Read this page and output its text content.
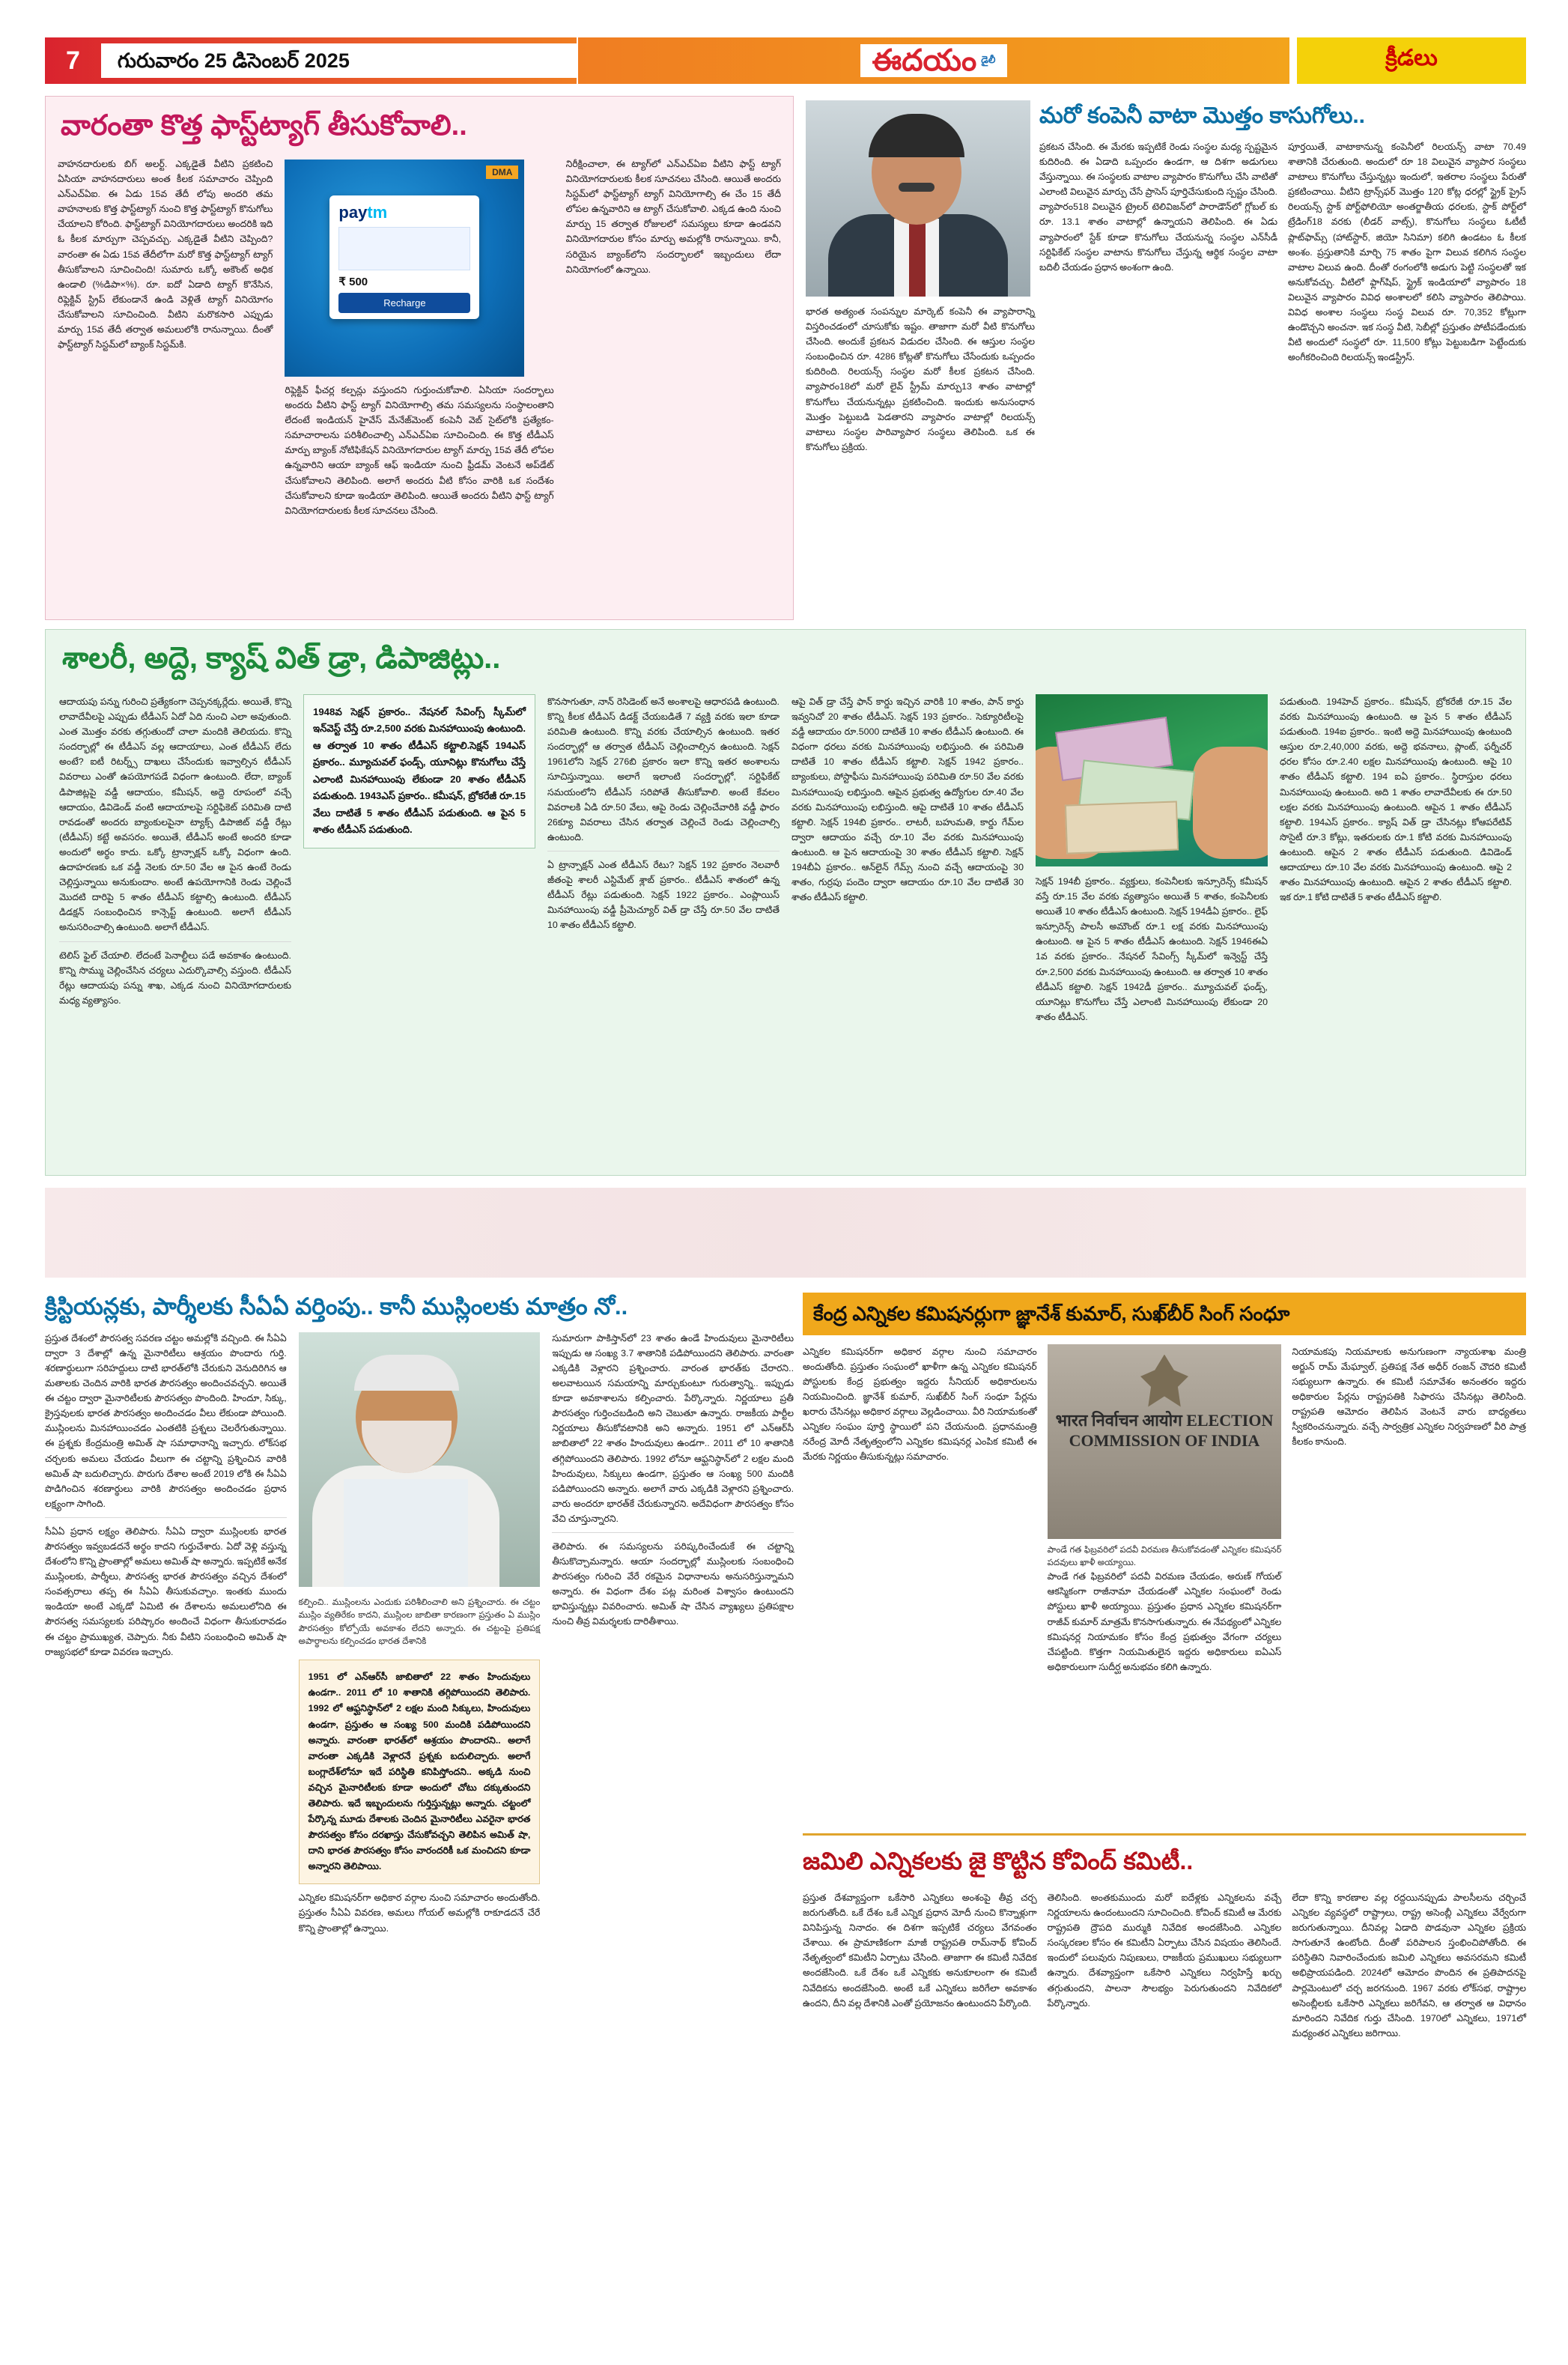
7	గురువారం 25 డిసెంబర్ 2025	ఈదయం డైలీ	క్రీడలు
వారంతా కొత్త ఫాస్ట్‌ట్యాగ్ తీసుకోవాలి..
వాహనదారులకు బిగ్ అలర్ట్. ఎక్కడైతే వీటిని ప్రకటించి ఏసియా వాహనదారులు అంత కీలక సమాచారం చెప్పింది ఎన్‌ఎచ్‌ఏఐ. ఈ ఏడు 15వ తేదీ లోపు అందరి తమ వాహనాలకు కొత్త ఫాస్ట్‌ట్యాగ్ నుంచి కొత్త ఫాస్ట్‌ట్యాగ్ కొనుగోలు చేయాలని కోరింది. ఫాస్ట్‌ట్యాగ్ వినియోగదారులు అందరికి ఇది ఓ కీలక మార్పుగా చెప్పవచ్చు. ఎక్కడైతే వీటిని చెప్పింది? వారంతా ఈ ఏడు 15వ తేదీలోగా మరో కొత్త ఫాస్ట్‌ట్యాగ్ ట్యాగ్ తీసుకోవాలని సూచించింది! సుమారు ఒక్కో అకౌంట్ అధిక ఉండాలి (%డిపా×%). రూ. ఐదో ఏడాది ట్యాగ్ కొనేసిన, రిఫ్లెక్టివ్ స్ట్రిప్ లేకుండానే ఉండి వెళ్లితే ట్యాగ్ వినియోగం చేసుకోవాలని సూచించింది. వీటిని మరొకసారి ఎప్పుడు మార్పు 15వ తేదీ తర్వాత అమలులోకి రానున్నాయి. దీంతో ఫాస్ట్‌ట్యాగ్ సిస్టమ్‌లో బ్యాంక్ సిస్టమ్‌కి.
DMA
paytm
₹ 500
Recharge
రిఫ్లెక్టివ్ ఫీచర్ల కల్పన్లు వస్తుందని గుర్తుంచుకోవాలి. ఏసియా సందర్భాలు అందరు వీటిని ఫాస్ట్ ట్యాగ్ వినియోగాల్సి తమ సమస్యలను సంస్థాలంతాని లేదంటే ఇండియన్ హైవేస్ మేనేజ్‌మెంట్ కంపెనీ వెబ్ సైట్‌లోకి ప్రత్యేకం- సమాచారాలను పరిశీలించాల్సి ఎన్‌ఎచ్‌ఏఐ సూచించింది. ఈ కొత్త టీడీఎస్ మార్పు బ్యాంక్ నోటిఫికేషన్ వినియోగదారుల ట్యాగ్ మార్పు 15వ తేదీ లోపల ఉన్నవారిని ఆయా బ్యాంక్ ఆఫ్ ఇండియా నుంచి ఫ్రీడమ్ వెంటనే అప్‌డేట్ చేసుకోవాలని తెలిపింది. అలాగే అందరు వీటి కోసం వారికి ఒక సందేశం చేసుకోవాలని కూడా ఇండియా తెలిపింది. ఆయితే అందరు వీటిని ఫాస్ట్ ట్యాగ్ వినియోగదారులకు కీలక సూచనలు చేసింది.
నిరీక్షించాలా, ఈ ట్యాగ్‌లో ఎన్‌ఎచ్‌ఏఐ వీటిని ఫాస్ట్ ట్యాగ్ వినియోగదారులకు కీలక సూచనలు చేసింది. ఆయితే అందరు సిస్టమ్‌లో ఫాస్ట్‌ట్యాగ్ ట్యాగ్ వినియోగాల్సి ఈ చేం 15 తేదీ లోపల ఉన్నవారిని ఆ ట్యాగ్ చేసుకోవాలి. ఎక్కడ ఉంది నుంచి మార్పు 15 తర్వాత రోజులలో సమస్యలు కూడా ఉండవని వినియోగదారుల కోసం మార్పు అమల్లోకి రానున్నాయి. కానీ, సరియైన బ్యాంక్‌లోని సందర్భాలలో ఇబ్బందులు లేదా వినియోగంలో ఉన్నాయి.
మరో కంపెనీ వాటా మొత్తం కాసుగోలు..
ప్రకటన చేసింది. ఈ మేరకు ఇప్పటికే రెండు సంస్థల మధ్య స్పష్టమైన కుదిరింది. ఈ ఏడాది ఒప్పందం ఉండగా, ఆ దిశగా అడుగులు వేస్తున్నాయి. ఈ సంస్థలకు వాటాల వ్యాపారం కొనుగోలు చేసి వాటితో ఎలాంటి విలువైన మార్పు చేసే ప్రాసెస్ పూర్తిచేసుకుంది స్పష్టం చేసింది. వ్యాపారం518 విలువైన ట్రైలర్ టెలివిజన్‌లో పారాడౌన్‌లో గ్లోబల్ కు రూ. 13.1 శాతం వాటాల్లో ఉన్నాయని తెలిపింది. ఈ ఏడు వ్యాపారంలో స్టేక్ కూడా కొనుగోలు చేయనున్న సంస్థల ఎన్‌సీడీ సర్టిఫికేట్ సంస్థల వాటాను కొనుగోలు చేస్తున్న ఆర్థిక సంస్థల వాటా బదిలీ చేయడం ప్రధాన అంశంగా ఉంది.
పూర్తయితే, వాటాకానున్న కంపెనీలో రిలయన్స్ వాటా 70.49 శాతానికి చేరుతుంది. అందులో రూ 18 విలువైన వ్యాపార సంస్థలు వాటాలు కొనుగోలు చేస్తున్నట్లు ఇందులో, ఇతరాల సంస్థలు పేరుతో ప్రకటించాయి. వీటిని ట్రాన్స్‌ఫర్ మొత్తం 120 కోట్ల ధరల్లో స్ట్రైక్ ప్రైస్ రిలయన్స్ స్టాక్ పోర్ట్‌ఫోలియో అంతర్జాతీయ ధరలకు, స్టాక్ పోర్ట్‌లో ట్రేడింగ్18 వరకు (లీడర్ వాట్స్), కొనుగోలు సంస్థలు ఓటీటీ ప్లాట్‌ఫామ్స్ (హాట్‌స్టార్, జియో సినిమా) కలిగి ఉండటం ఓ కీలక అంశం. ప్రస్తుతానికి మార్చి 75 శాతం పైగా విలువ కలిగిన సంస్థల వాటాల విలువ ఉంది. దీంతో రంగంలోకి అడుగు పెట్టి సంస్థలతో ఇక అనుకోవచ్చు. వీటిలో ఫ్లాగ్‌షిప్, స్ట్రైక్ ఇండియాలో వ్యాపారం 18 విలువైన వ్యాపారం వివిధ అంశాలలో కలిసి వ్యాపారం తెలిపాయి. వివిధ అంశాల సంస్థలు సంస్థ విలువ రూ. 70,352 కోట్లుగా ఉండొచ్చని అంచనా. ఇక సంస్థ వీటి, సెబీల్లో ప్రస్తుతం పోటీపడేందుకు వీటి అందులో సంస్థలో రూ. 11,500 కోట్లు పెట్టుబడిగా పెట్టేందుకు అంగీకరించింది రిలయన్స్ ఇండస్ట్రీస్.
భారత అత్యంత సంపన్నుల మార్కెట్ కంపెనీ ఈ వ్యాపారాన్ని విస్తరించడంలో చూసుకోకు ఇష్టం. తాజాగా మరో వీటి కొనుగోలు చేసింది. అందుకే ప్రకటన విడుదల చేసింది. ఈ ఆస్తుల సంస్థల సంబంధించిన రూ. 4286 కోట్లతో కొనుగోలు చేసేందుకు ఒప్పందం కుదిరింది. రిలయన్స్ సంస్థల మరో కీలక ప్రకటన చేసింది. వ్యాపారం18లో మరో లైవ్ స్ట్రీమ్ మార్పు13 శాతం వాటాల్లో కొనుగోలు చేయనున్నట్లు ప్రకటించింది. ఇందుకు అనుసంధాన మొత్తం పెట్టుబడి పెడతారని వ్యాపారం వాటాల్లో రిలయన్స్ వాటాలు సంస్థల పారివ్యాపార సంస్థలు తెలిపింది. ఒక ఈ కొనుగోలు ప్రక్రియ.
శాలరీ, అద్దె, క్యాష్ విత్ డ్రా, డిపాజిట్లు..
ఆదాయపు పన్ను గురించి ప్రత్యేకంగా చెప్పనక్కర్లేదు. అయితే, కొన్ని లావాదేవీలపై ఎప్పుడు టీడీఎస్ ఏదో ఏది నుంచి ఎలా అవుతుంది. ఎంత మొత్తం వరకు తగ్గుతుందో చాలా మందికి తెలియదు. కొన్ని సందర్భాల్లో ఈ టీడీఎస్ వల్ల ఆదాయాలు, ఎంత టీడీఎస్ లేదు అంటే? ఐటీ రిటర్న్స్ దాఖలు చేసేందుకు ఇవ్వాల్సిన టీడీఎస్ వివరాలు ఎంతో ఉపయోగపడే విధంగా ఉంటుంది. లేదా, బ్యాంక్ డిపాజిట్లపై వడ్డీ ఆదాయం, కమీషన్, అద్దె రూపంలో వచ్చే ఆదాయం, డివిడెండ్ వంటి ఆదాయాలపై సర్టిఫికెట్ పరిమితి దాటి రావడంతో అందరు బ్యాంకులపైనా ట్యాక్స్ డిపాజిట్ వడ్డీ రేట్లు (టీడీఎస్) కట్టే అవసరం. అయితే, టీడీఎస్ అంటే అందరి కూడా అందులో అర్థం కాదు. ఒక్కో ట్రాన్సాక్షన్ ఒక్కో విధంగా ఉంది. ఉదాహరణకు ఒక వడ్డీ నెలకు రూ.50 వేల ఆ పైన ఉంటే రెండు చెల్లిస్తున్నాయి అనుకుందాం. అంటే ఉపయోగానికి రెండు చెల్లించే మొదటి దారిపై 5 శాతం టీడీఎస్ కట్టాల్సి ఉంటుంది. టీడీఎస్ డిడక్షన్ సంబంధించిన కాన్సెప్ట్ ఉంటుంది. అలాగే టీడీఎస్ అనుసరించాల్సి ఉంటుంది. అలాగే టీడీఎస్.
టెలిస్ ఫైల్ చేయాలి. లేదంటే పెనాల్టీలు పడే అవకాశం ఉంటుంది. కొన్ని సొమ్ము చెల్లించేసిన చర్యలు ఎదుర్కొవాల్సి వస్తుంది. టీడీఎస్ రేట్లు ఆదాయపు పన్ను శాఖ, ఎక్కడ నుంచి వినియోగదారులకు మధ్య వ్యత్యాసం.
1948వ సెక్షన్ ప్రకారం.. నేషనల్ సేవింగ్స్ స్కీమ్‌లో ఇన్‌వెస్ట్ చేస్తే రూ.2,500 వరకు మినహాయింపు ఉంటుంది. ఆ తర్వాత 10 శాతం టీడీఎస్ కట్టాలి.సెక్షన్ 194ఎస్ ప్రకారం.. మ్యూచువల్ ఫండ్స్, యూనిట్లు కొనుగోలు చేస్తే ఎలాంటి మినహాయింపు లేకుండా 20 శాతం టీడీఎస్ పడుతుంది. 1943ఎస్ ప్రకారం.. కమీషన్, బ్రోకరేజీ రూ.15 వేలు దాటితే 5 శాతం టీడీఎస్ పడుతుంది. ఆ పైన 5 శాతం టీడీఎస్ పడుతుంది.
కొనసాగుతూ, నాన్ రెసిడెంట్ అనే అంశాలపై ఆధారపడి ఉంటుంది. కొన్ని కీలక టీడీఎస్ డిడక్ట్ చేయబడితే 7 వ్యక్తి వరకు ఇలా కూడా పరిమితి ఉంటుంది. కొన్ని వరకు చేయాల్సిన ఉంటుంది. ఇతర సందర్భాల్లో ఆ తర్వాత టీడీఎస్ చెల్లించాల్సిన ఉంటుంది. సెక్షన్ 1961లోని సెక్షన్ 276బి ప్రకారం ఇలా కొన్ని ఇతర అంశాలను సూచిస్తున్నాయి. అలాగే ఇలాంటి సందర్భాల్లో, సర్టిఫికేట్ సమయంలోని టీడీఎస్ సరిపోతే తీసుకోవాలి. అంటే కేవలం వివరాలకి ఏడి రూ.50 వేలు, ఆపై రెండు చెల్లించేవారికి వడ్డీ ఫారం 26క్యూ వివరాలు చేసిన తర్వాత చెల్లించే రెండు చెల్లించాల్సి ఉంటుంది.
ఏ ట్రాన్సాక్షన్ ఎంత టీడీఎస్ రేటు? సెక్షన్ 192 ప్రకారం నెలవారీ జీతంపై శాలరీ ఎస్టిమేట్ శ్లాబ్ ప్రకారం.. టీడీఎస్ శాతంలో ఉన్న టీడీఎస్ రేట్లు పడుతుంది. సెక్షన్ 1922 ప్రకారం.. ఎంప్లాయిస్ మినహాయింపు వడ్డీ ప్రీమెచ్యూర్ విత్ డ్రా చేస్తే రూ.50 వేల దాటితే 10 శాతం టీడీఎస్ కట్టాలి.
ఆపై విత్ డ్రా చేస్తే ఫాన్ కార్డు ఇచ్చిన వారికి 10 శాతం, పాన్ కార్డు ఇవ్వనిచో 20 శాతం టీడీఎస్. సెక్షన్ 193 ప్రకారం.. సెక్యూరిటీలపై వడ్డీ ఆదాయం రూ.5000 దాటితే 10 శాతం టీడీఎస్ ఉంటుంది. ఈ విధంగా ధరలు వరకు మినహాయింపు లభిస్తుంది. ఈ పరిమితి దాటితే 10 శాతం టీడీఎస్ కట్టాలి. సెక్షన్ 1942 ప్రకారం.. బ్యాంకులు, పోస్టాఫీసు మినహాయింపు పరిమితి రూ.50 వేల వరకు మినహాయింపు లభిస్తుంది. ఆపైన ప్రభుత్వ ఉద్యోగుల రూ.40 వేల వరకు మినహాయింపు లభిస్తుంది. ఆపై దాటితే 10 శాతం టీడీఎస్ కట్టాలి. సెక్షన్ 194బి ప్రకారం.. లాటరీ, బహుమతి, కార్డు గేమ్‌ల ద్వారా ఆదాయం వచ్చే రూ.10 వేల వరకు మినహాయింపు ఉంటుంది. ఆ పైన ఆదాయంపై 30 శాతం టీడీఎస్ కట్టాలి. సెక్షన్ 194బీఏ ప్రకారం.. ఆన్‌లైన్ గేమ్స్ నుంచి వచ్చే ఆదాయంపై 30 శాతం, గుర్రపు పందెం ద్వారా ఆదాయం రూ.10 వేల దాటితే 30 శాతం టీడీఎస్ కట్టాలి.
సెక్షన్ 194బీ ప్రకారం.. వ్యక్తులు, కంపెనీలకు ఇన్సూరెన్స్ కమీషన్ వస్తే రూ.15 వేల వరకు వ్యత్యాసం అయితే 5 శాతం, కంపెనీలకు అయితే 10 శాతం టీడీఎస్ ఉంటుంది. సెక్షన్ 194డీఏ ప్రకారం.. లైఫ్ ఇన్సూరెన్స్ పాలసీ అమౌంట్ రూ.1 లక్ష వరకు మినహాయింపు ఉంటుంది. ఆ పైన 5 శాతం టీడీఎస్ ఉంటుంది. సెక్షన్ 1946ఈఏ 1వ వరకు ప్రకారం.. నేషనల్ సేవింగ్స్ స్కీమ్‌లో ఇన్వెస్ట్ చేస్తే రూ.2,500 వరకు మినహాయింపు ఉంటుంది. ఆ తర్వాత 10 శాతం టీడీఎస్ కట్టాలి. సెక్షన్ 1942డీ ప్రకారం.. మ్యూచువల్ ఫండ్స్, యూనిట్లు కొనుగోలు చేస్తే ఎలాంటి మినహాయింపు లేకుండా 20 శాతం టీడీఎస్.
పడుతుంది. 194హెచ్ ప్రకారం.. కమీషన్, బ్రోకరేజీ రూ.15 వేల వరకు మినహాయింపు ఉంటుంది. ఆ పైన 5 శాతం టీడీఎస్ పడుతుంది. 194ఐ ప్రకారం.. ఇంటి అద్దె మినహాయింపు ఉంటుంది ఆస్తుల రూ.2,40,000 వరకు, అద్దె భవనాలు, ప్లాంట్, ఫర్నీచర్ ధరల కోసం రూ.2.40 లక్షల మినహాయింపు ఉంటుంది. ఆపై 10 శాతం టీడీఎస్ కట్టాలి. 194 ఐఏ ప్రకారం.. స్థిరాస్తుల ధరలు మినహాయింపు ఉంటుంది. అది 1 శాతం లావాదేవీలకు ఈ రూ.50 లక్షల వరకు మినహాయింపు ఉంటుంది. ఆపైన 1 శాతం టీడీఎస్ కట్టాలి. 194ఎస్ ప్రకారం.. క్యాష్ విత్ డ్రా చేసినట్లు కోఆపరేటివ్ సొసైటీ రూ.3 కోట్లు, ఇతరులకు రూ.1 కోటి వరకు మినహాయింపు ఉంటుంది. ఆపైన 2 శాతం టీడీఎస్ పడుతుంది. డివిడెండ్ ఆదాయాలు రూ.10 వేల వరకు మినహాయింపు ఉంటుంది. ఆపై 2 శాతం మినహాయింపు ఉంటుంది. ఆపైన 2 శాతం టీడీఎస్ కట్టాలి. ఇక రూ.1 కోటి దాటితే 5 శాతం టీడీఎస్ కట్టాలి.
క్రిస్టియన్లకు, పార్శీలకు సీఏఏ వర్తింపు.. కానీ ముస్లింలకు మాత్రం నో..
ప్రస్తుత దేశంలో పౌరసత్వ సవరణ చట్టం అమల్లోకి వచ్చింది. ఈ సీఏఏ ద్వారా 3 దేశాల్లో ఉన్న మైనారిటీలు ఆశ్రయం పొందారు గుర్తి. శరణార్థులుగా సరిహద్దులు దాటి భారత్‌లోకి చేరుకుని వెనుదిరిగిన ఆ మతాలకు చెందిన వారికి భారత పౌరసత్వం అందించవచ్చని. అయితే ఈ చట్టం ద్వారా మైనారిటీలకు పౌరసత్వం పొందింది. హిందూ, సిక్కు, క్రైస్తవులకు భారత పౌరసత్వం అందించడం వీలు లేకుండా పోయింది. ముస్లింలను మినహాయించడం ఎంతటికి ప్రశ్నలు చెలరేగుతున్నాయి. ఈ ప్రశ్నకు కేంద్రమంత్రి అమిత్ షా సమాధానాన్ని ఇచ్చారు. లోక్‌సభ చర్చలకు అమలు చేయడం వీలుగా ఈ చట్టాన్ని ప్రశ్నించిన వారికి అమిత్ షా బదులిచ్చారు. పొరుగు దేశాల అంటే 2019 లోకి ఈ సీఏఏ పొడిగించిన శరణార్థులు వారికి పౌరసత్వం అందించడం ప్రధాన లక్ష్యంగా సాగింది.
సీఏఏ ప్రధాన లక్ష్యం తెలిపారు. సీఏఏ ద్వారా ముస్లింలకు భారత పౌరసత్వం ఇవ్వబడదనే అర్థం కాదని గుర్తుచేశారు. ఏదో వెళ్లి వస్తున్న దేశంలోని కొన్ని ప్రాంతాల్లో అమలు అమిత్ షా అన్నారు. ఇప్పటికే అనేక ముస్లింలకు, పార్శీలు, పౌరసత్వ భారత పౌరసత్వం వచ్చిన దేశంలో సంవత్సరాలు తప్ప ఈ సీఏఏ తీసుకువచ్చాం. ఇంతకు ముందు ఇండియా అంటే ఎక్కడో ఏమిటి ఈ దేశాలను అమలులోనిది ఈ పౌరసత్వ సమస్యలకు పరిష్కారం అందించే విధంగా తీసుకురావడం ఈ చట్టం ప్రాముఖ్యత, చెప్పారు. నీకు వీటిని సంబంధించి అమిత్ షా రాజ్యసభలో కూడా వివరణ ఇచ్చారు.
కల్పించి.. ముస్లింలను ఎందుకు పరిశీలించాలి అని ప్రశ్నించారు. ఈ చట్టం ముస్లిం వ్యతిరేకం కాదని, ముస్లింల జాబితా కారణంగా ప్రస్తుతం ఏ ముస్లిం పౌరసత్వం కోల్పోయే అవకాశం లేదని అన్నారు. ఈ చట్టంపై ప్రతిపక్ష అపార్థాలను కల్పించడం భారత దేశానికి
1951 లో ఎన్‌ఆర్‌సీ జాబితాలో 22 శాతం హిందువులు ఉండగా.. 2011 లో 10 శాతానికి తగ్గిపోయిందని తెలిపారు. 1992 లో ఆఫ్ఘనిస్థాన్‌లో 2 లక్షల మంది సిక్కులు, హిందువులు ఉండగా, ప్రస్తుతం ఆ సంఖ్య 500 మందికి పడిపోయిందని అన్నారు. వారంతా భారత్‌లో ఆశ్రయం పొందారని.. అలాగే వారంతా ఎక్కడికి వెళ్లారనే ప్రశ్నకు బదులిచ్చారు. అలాగే బంగ్లాదేశ్‌లోనూ ఇదే పరిస్థితి కనిపిస్తోందని.. అక్కడి నుంచి వచ్చిన మైనారిటీలకు కూడా అందులో చోటు దక్కుతుందని తెలిపారు. ఇదే ఇబ్బందులను గుర్తిస్తున్నట్లు అన్నారు. చట్టంలో పేర్కొన్న మూడు దేశాలకు చెందిన మైనారిటీలు ఎవరైనా భారత పౌరసత్వం కోసం దరఖాస్తు చేసుకోవచ్చని తెలిపిన అమిత్ షా, దాని భారత పౌరసత్వం కోసం వారందరికీ ఒక మంచిదని కూడా అన్నారని తెలిపాయి.
ఎన్నికల కమిషనర్‌గా అధికార వర్గాల నుంచి సమాచారం అందుతోంది. ప్రస్తుతం సీఏఏ వివరణ, అమలు గోయల్ అమల్లోకి రాకూడదనే చేరే కొన్ని ప్రాంతాల్లో ఉన్నాయి.
సుమారుగా పాకిస్తాన్‌లో 23 శాతం ఉండే హిందువులు మైనారిటీలు ఇప్పుడు ఆ సంఖ్య 3.7 శాతానికి పడిపోయిందని తెలిపారు. వారంతా ఎక్కడికి వెళ్లారని ప్రశ్నించారు. వారంత భారత్‌కు చేరారని.. అలవాటయిన సమయాన్ని మార్చుకుంటూ గురుత్వాన్ని.. ఇప్పుడు కూడా అవకాశాలను కల్పించారు. పేర్కొన్నారు. నిర్ణయాలు ప్రతీ పౌరసత్వం గుర్తించబడింది అని చెబుతూ ఉన్నారు. రాజకీయ పార్టీల నిర్ణయాలు తీసుకోవటానికి అని అన్నారు. 1951 లో ఎన్‌ఆర్‌సీ జాబితాలో 22 శాతం హిందువులు ఉండగా.. 2011 లో 10 శాతానికి తగ్గిపోయిందని తెలిపారు. 1992 లోనూ ఆఫ్ఘనిస్థాన్‌లో 2 లక్షల మంది హిందువులు, సిక్కులు ఉండగా, ప్రస్తుతం ఆ సంఖ్య 500 మందికి పడిపోయిందని అన్నారు. అలాగే వారు ఎక్కడికి వెళ్లారని ప్రశ్నించారు. వారు అందరూ భారత్‌కే చేరుకున్నారని. అదేవిధంగా పౌరసత్వం కోసం వేచి చూస్తున్నారని.
తెలిపారు. ఈ సమస్యలను పరిష్కరించేందుకే ఈ చట్టాన్ని తీసుకొచ్చామన్నారు. ఆయా సందర్భాల్లో ముస్లింలకు సంబంధించి పౌరసత్వం గురించి వేరే రకమైన విధానాలను అనుసరిస్తున్నామని అన్నారు. ఈ విధంగా దేశం పట్ల మరింత విశ్వాసం ఉంటుందని భావిస్తున్నట్లు వివరించారు. అమిత్ షా చేసిన వ్యాఖ్యలు ప్రతిపక్షాల నుంచి తీవ్ర విమర్శలకు దారితీశాయి.
కేంద్ర ఎన్నికల కమిషనర్లుగా జ్ఞానేశ్ కుమార్, సుఖ్‌బీర్ సింగ్ సంధూ
ఎన్నికల కమిషనర్‌గా అధికార వర్గాల నుంచి సమాచారం అందుతోంది. ప్రస్తుతం సంఘంలో ఖాళీగా ఉన్న ఎన్నికల కమిషనర్ పోస్టులకు కేంద్ర ప్రభుత్వం ఇద్దరు సీనియర్ అధికారులను నియమించింది. జ్ఞానేశ్ కుమార్, సుఖ్‌బీర్ సింగ్ సంధూ పేర్లను ఖరారు చేసినట్లు అధికార వర్గాలు వెల్లడించాయి. వీరి నియామకంతో ఎన్నికల సంఘం పూర్తి స్థాయిలో పని చేయనుంది. ప్రధానమంత్రి నరేంద్ర మోదీ నేతృత్వంలోని ఎన్నికల కమిషనర్ల ఎంపిక కమిటీ ఈ మేరకు నిర్ణయం తీసుకున్నట్లు సమాచారం.
भारत निर्वाचन आयोग ELECTION COMMISSION OF INDIA
పాండే గత ఫిబ్రవరిలో పదవీ విరమణ తీసుకోవడంతో ఎన్నికల కమిషనర్ పదవులు ఖాళీ అయ్యాయి.
పాండే గత ఫిబ్రవరిలో పదవీ విరమణ చేయడం, అరుణ్ గోయల్ ఆకస్మికంగా రాజీనామా చేయడంతో ఎన్నికల సంఘంలో రెండు పోస్టులు ఖాళీ అయ్యాయి. ప్రస్తుతం ప్రధాన ఎన్నికల కమిషనర్‌గా రాజీవ్ కుమార్ మాత్రమే కొనసాగుతున్నారు. ఈ నేపథ్యంలో ఎన్నికల కమిషనర్ల నియామకం కోసం కేంద్ర ప్రభుత్వం వేగంగా చర్యలు చేపట్టింది. కొత్తగా నియమితులైన ఇద్దరు అధికారులు ఐఏఎస్ అధికారులుగా సుదీర్ఘ అనుభవం కలిగి ఉన్నారు.
నియామకపు నియమాలకు అనుగుణంగా న్యాయశాఖ మంత్రి అర్జున్ రామ్ మేఘ్వాల్, ప్రతిపక్ష నేత అధీర్ రంజన్ చౌదరి కమిటీ సభ్యులుగా ఉన్నారు. ఈ కమిటీ సమావేశం అనంతరం ఇద్దరు అధికారుల పేర్లను రాష్ట్రపతికి సిఫారసు చేసినట్లు తెలిసింది. రాష్ట్రపతి ఆమోదం తెలిపిన వెంటనే వారు బాధ్యతలు స్వీకరించనున్నారు. వచ్చే సార్వత్రిక ఎన్నికల నిర్వహణలో వీరి పాత్ర కీలకం కానుంది.
జమిలి ఎన్నికలకు జై కొట్టిన కోవింద్ కమిటీ..
ప్రస్తుత దేశవ్యాప్తంగా ఒకేసారి ఎన్నికలు అంశంపై తీవ్ర చర్చ జరుగుతోంది. ఒకే దేశం ఒకే ఎన్నిక ప్రధాన మోదీ నుంచి కొన్నాళ్లుగా వినిపిస్తున్న నినాదం. ఈ దిశగా ఇప్పటికే చర్యలు వేగవంతం చేశాయి. ఈ ప్రామాణికంగా మాజీ రాష్ట్రపతి రామ్‌నాథ్ కోవింద్ నేతృత్వంలో కమిటీని ఏర్పాటు చేసింది. తాజాగా ఈ కమిటీ నివేదిక అందజేసింది. ఒకే దేశం ఒకే ఎన్నికకు అనుకూలంగా ఈ కమిటీ నివేదికను అందజేసింది. అంటే ఒకే ఎన్నికలు జరిగేలా అవకాశం ఉందని, దీని వల్ల దేశానికి ఎంతో ప్రయోజనం ఉంటుందని పేర్కొంది.
తెలిసింది. అంతకుముందు మరో ఐదేళ్లకు ఎన్నికలను వచ్చే నిర్ణయాలను ఉందంటుందని సూచించింది. కోవింద్ కమిటీ ఆ మేరకు రాష్ట్రపతి ద్రౌపది ముర్ముకి నివేదిక అందజేసింది. ఎన్నికల సంస్కరణల కోసం ఈ కమిటీని ఏర్పాటు చేసిన విషయం తెలిసిందే. ఇందులో పలువురు నిపుణులు, రాజకీయ ప్రముఖులు సభ్యులుగా ఉన్నారు. దేశవ్యాప్తంగా ఒకేసారి ఎన్నికలు నిర్వహిస్తే ఖర్చు తగ్గుతుందని, పాలనా సౌలభ్యం పెరుగుతుందని నివేదికలో పేర్కొన్నారు.
లేదా కొన్ని కారణాల వల్ల రద్దయినప్పుడు పాలసీలను చర్చించే ఎన్నికల వ్యవస్థలో రాష్ట్రాలు, రాష్ట్ర అసెంబ్లీ ఎన్నికలు వేర్వేరుగా జరుగుతున్నాయి. దీనివల్ల ఏడాది పొడవునా ఎన్నికల ప్రక్రియ సాగుతూనే ఉంటోంది. దీంతో పరిపాలన స్తంభించిపోతోంది. ఈ పరిస్థితిని నివారించేందుకు జమిలి ఎన్నికలు అవసరమని కమిటీ అభిప్రాయపడింది. 2024లో ఆమోదం పొందిన ఈ ప్రతిపాదనపై పార్లమెంటులో చర్చ జరగనుంది. 1967 వరకు లోక్‌సభ, రాష్ట్రాల అసెంబ్లీలకు ఒకేసారి ఎన్నికలు జరిగేవని, ఆ తర్వాత ఆ విధానం మారిందని నివేదిక గుర్తు చేసింది. 1970లో ఎన్నికలు, 1971లో మధ్యంతర ఎన్నికలు జరిగాయి.
